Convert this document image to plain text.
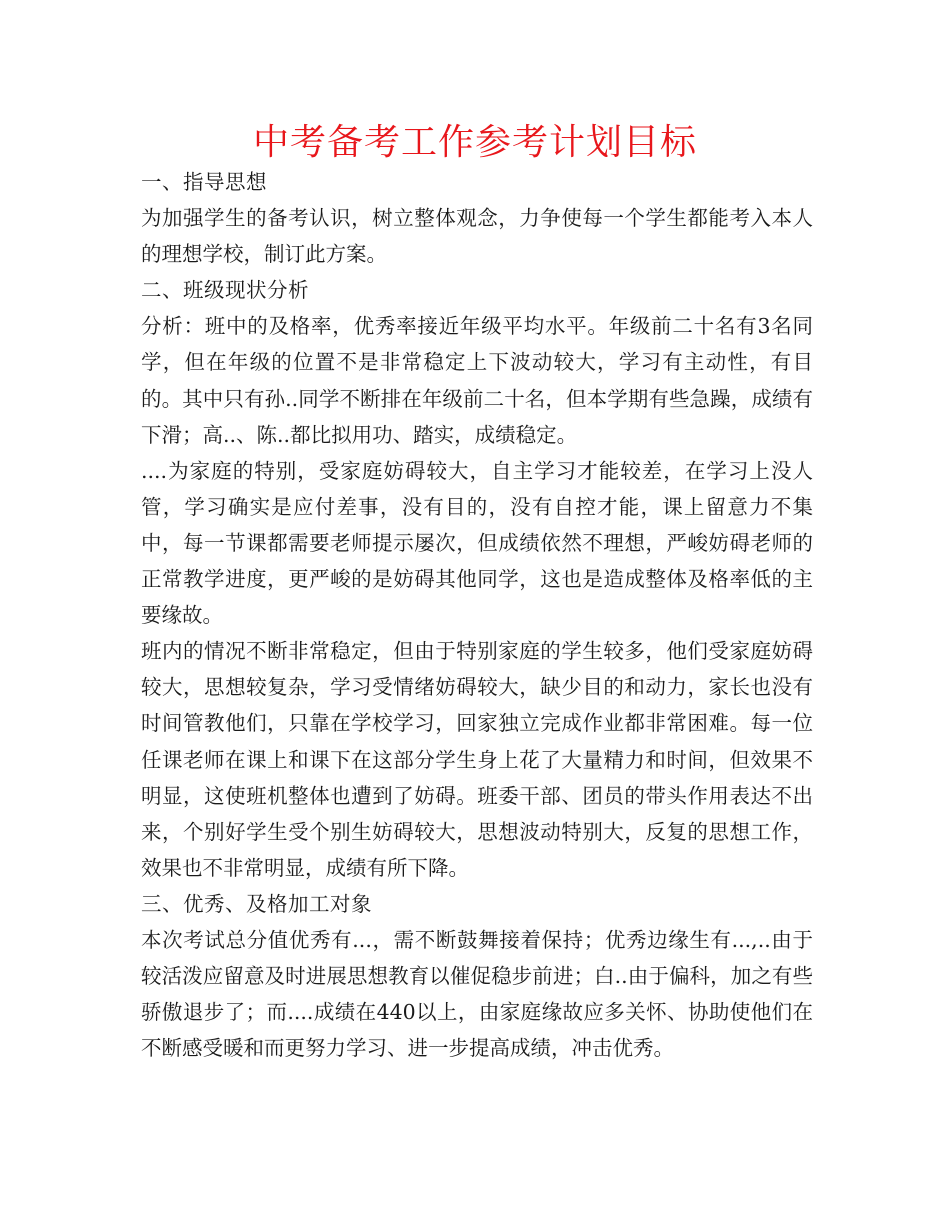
中考备考工作参考计划目标

一、指导思想

为加强学生的备考认识，树立整体观念，力争使每一个学生都能考入本人的理想学校，制订此方案。

二、班级现状分析

分析：班中的及格率，优秀率接近年级平均水平。年级前二十名有3名同学，但在年级的位置不是非常稳定上下波动较大，学习有主动性，有目的。其中只有孙..同学不断排在年级前二十名，但本学期有些急躁，成绩有下滑；高..、陈..都比拟用功、踏实，成绩稳定。

....为家庭的特别，受家庭妨碍较大，自主学习才能较差，在学习上没人管，学习确实是应付差事，没有目的，没有自控才能，课上留意力不集中，每一节课都需要老师提示屡次，但成绩依然不理想，严峻妨碍老师的正常教学进度，更严峻的是妨碍其他同学，这也是造成整体及格率低的主要缘故。

班内的情况不断非常稳定，但由于特别家庭的学生较多，他们受家庭妨碍较大，思想较复杂，学习受情绪妨碍较大，缺少目的和动力，家长也没有时间管教他们，只靠在学校学习，回家独立完成作业都非常困难。每一位任课老师在课上和课下在这部分学生身上花了大量精力和时间，但效果不明显，这使班机整体也遭到了妨碍。班委干部、团员的带头作用表达不出来，个别好学生受个别生妨碍较大，思想波动特别大，反复的思想工作，效果也不非常明显，成绩有所下降。

三、优秀、及格加工对象

本次考试总分值优秀有...，需不断鼓舞接着保持；优秀边缘生有...,..由于较活泼应留意及时进展思想教育以催促稳步前进；白..由于偏科，加之有些骄傲退步了；而....成绩在440以上，由家庭缘故应多关怀、协助使他们在不断感受暖和而更努力学习、进一步提高成绩，冲击优秀。
